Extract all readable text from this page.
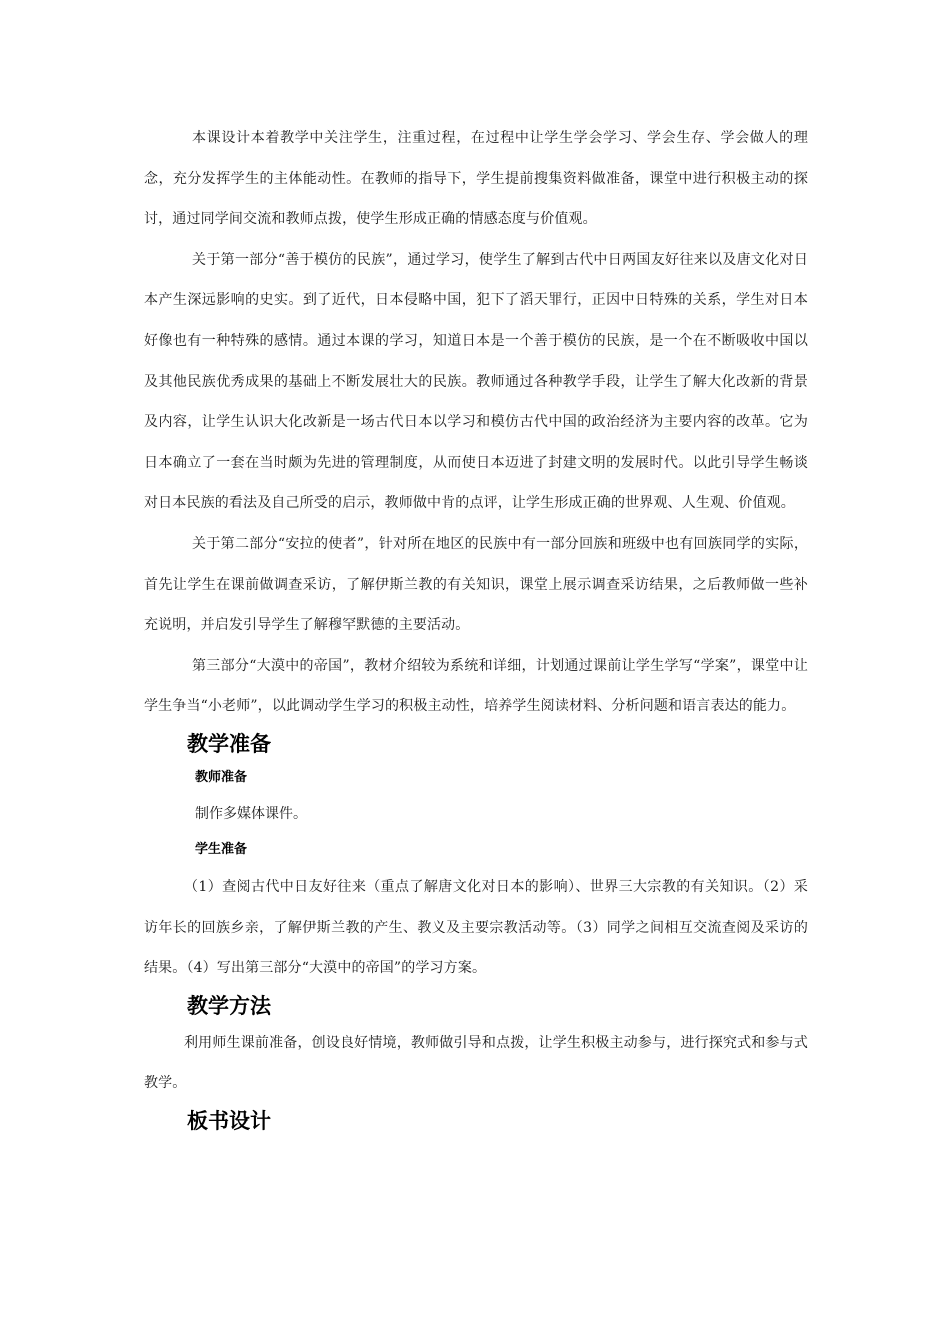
本课设计本着教学中关注学生，注重过程，在过程中让学生学会学习、学会生存、学会做人的理念，充分发挥学生的主体能动性。在教师的指导下，学生提前搜集资料做准备，课堂中进行积极主动的探讨，通过同学间交流和教师点拨，使学生形成正确的情感态度与价值观。

关于第一部分“善于模仿的民族”，通过学习，使学生了解到古代中日两国友好往来以及唐文化对日本产生深远影响的史实。到了近代，日本侵略中国，犯下了滔天罪行，正因中日特殊的关系，学生对日本好像也有一种特殊的感情。通过本课的学习，知道日本是一个善于模仿的民族，是一个在不断吸收中国以及其他民族优秀成果的基础上不断发展壮大的民族。教师通过各种教学手段，让学生了解大化改新的背景及内容，让学生认识大化改新是一场古代日本以学习和模仿古代中国的政治经济为主要内容的改革。它为日本确立了一套在当时颇为先进的管理制度，从而使日本迈进了封建文明的发展时代。以此引导学生畅谈对日本民族的看法及自己所受的启示，教师做中肯的点评，让学生形成正确的世界观、人生观、价值观。

关于第二部分“安拉的使者”，针对所在地区的民族中有一部分回族和班级中也有回族同学的实际，首先让学生在课前做调查采访，了解伊斯兰教的有关知识，课堂上展示调查采访结果，之后教师做一些补充说明，并启发引导学生了解穆罕默德的主要活动。

第三部分“大漠中的帝国”，教材介绍较为系统和详细，计划通过课前让学生学写“学案”，课堂中让学生争当“小老师”，以此调动学生学习的积极主动性，培养学生阅读材料、分析问题和语言表达的能力。

教学准备
教师准备

制作多媒体课件。

学生准备

（1）查阅古代中日友好往来（重点了解唐文化对日本的影响）、世界三大宗教的有关知识。（2）采访年长的回族乡亲，了解伊斯兰教的产生、教义及主要宗教活动等。（3）同学之间相互交流查阅及采访的结果。（4）写出第三部分“大漠中的帝国”的学习方案。

教学方法

利用师生课前准备，创设良好情境，教师做引导和点拨，让学生积极主动参与，进行探究式和参与式教学。

板书设计
